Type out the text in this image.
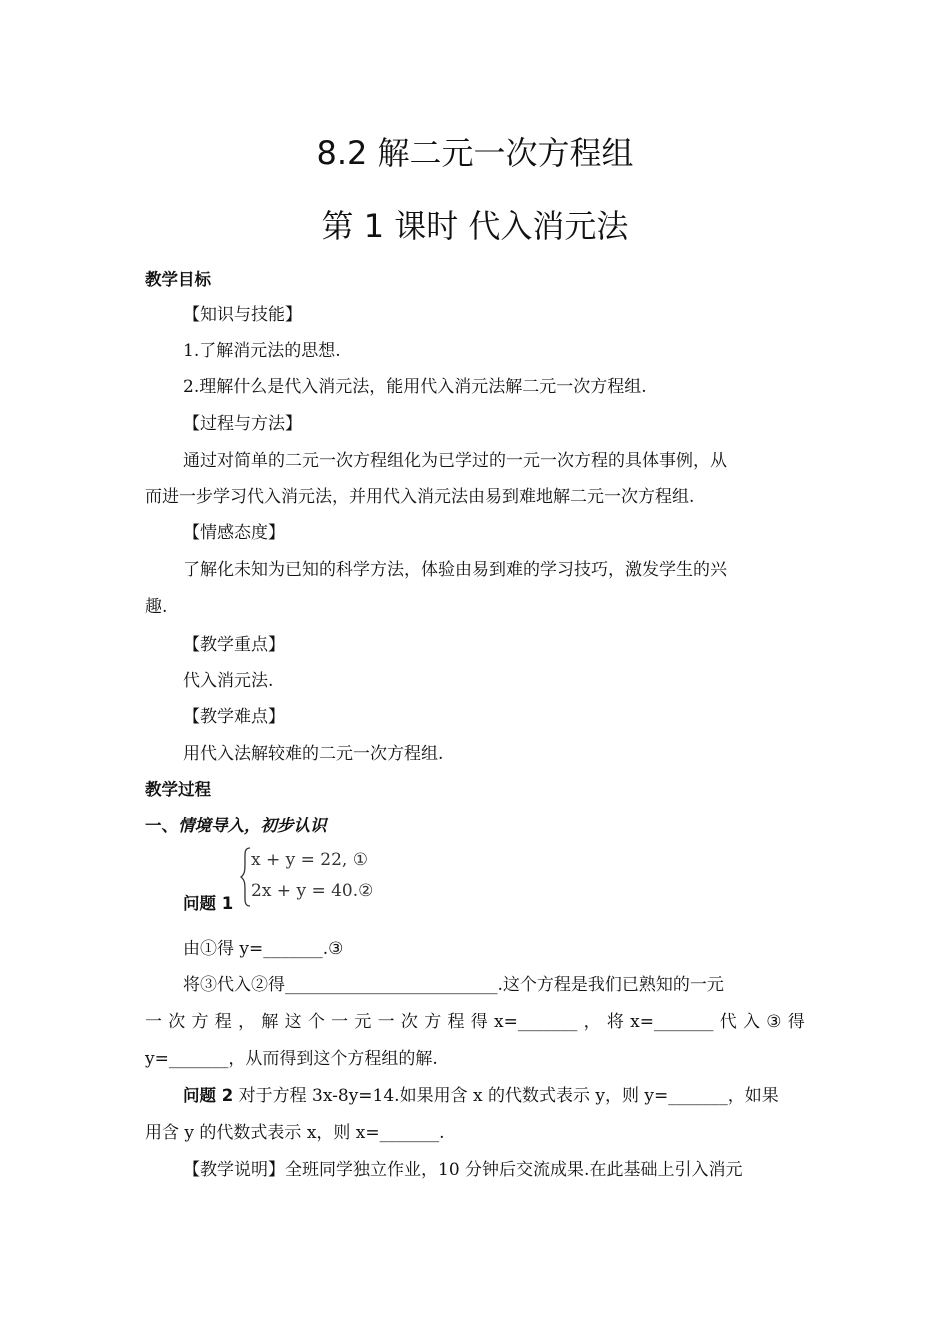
8.2 解二元一次方程组
第 1 课时 代入消元法
教学目标
【知识与技能】
1.了解消元法的思想.
2.理解什么是代入消元法，能用代入消元法解二元一次方程组.
【过程与方法】
通过对简单的二元一次方程组化为已学过的一元一次方程的具体事例，从
而进一步学习代入消元法，并用代入消元法由易到难地解二元一次方程组.
【情感态度】
了解化未知为已知的科学方法，体验由易到难的学习技巧，激发学生的兴
趣.
【教学重点】
代入消元法.
【教学难点】
用代入法解较难的二元一次方程组.
教学过程
一、情境导入，初步认识
x + y = 22, ①
2x + y = 40.②
问题 1
由①得 y=_______.③
将③代入②得_________________________.这个方程是我们已熟知的一元
一 次 方 程 ， 解 这 个 一 元 一 次 方 程 得 x=_______ ， 将 x=_______ 代 入 ③ 得
y=_______，从而得到这个方程组的解.
问题 2 对于方程 3x-8y=14.如果用含 x 的代数式表示 y，则 y=_______，如果
用含 y 的代数式表示 x，则 x=_______.
【教学说明】全班同学独立作业，10 分钟后交流成果.在此基础上引入消元
